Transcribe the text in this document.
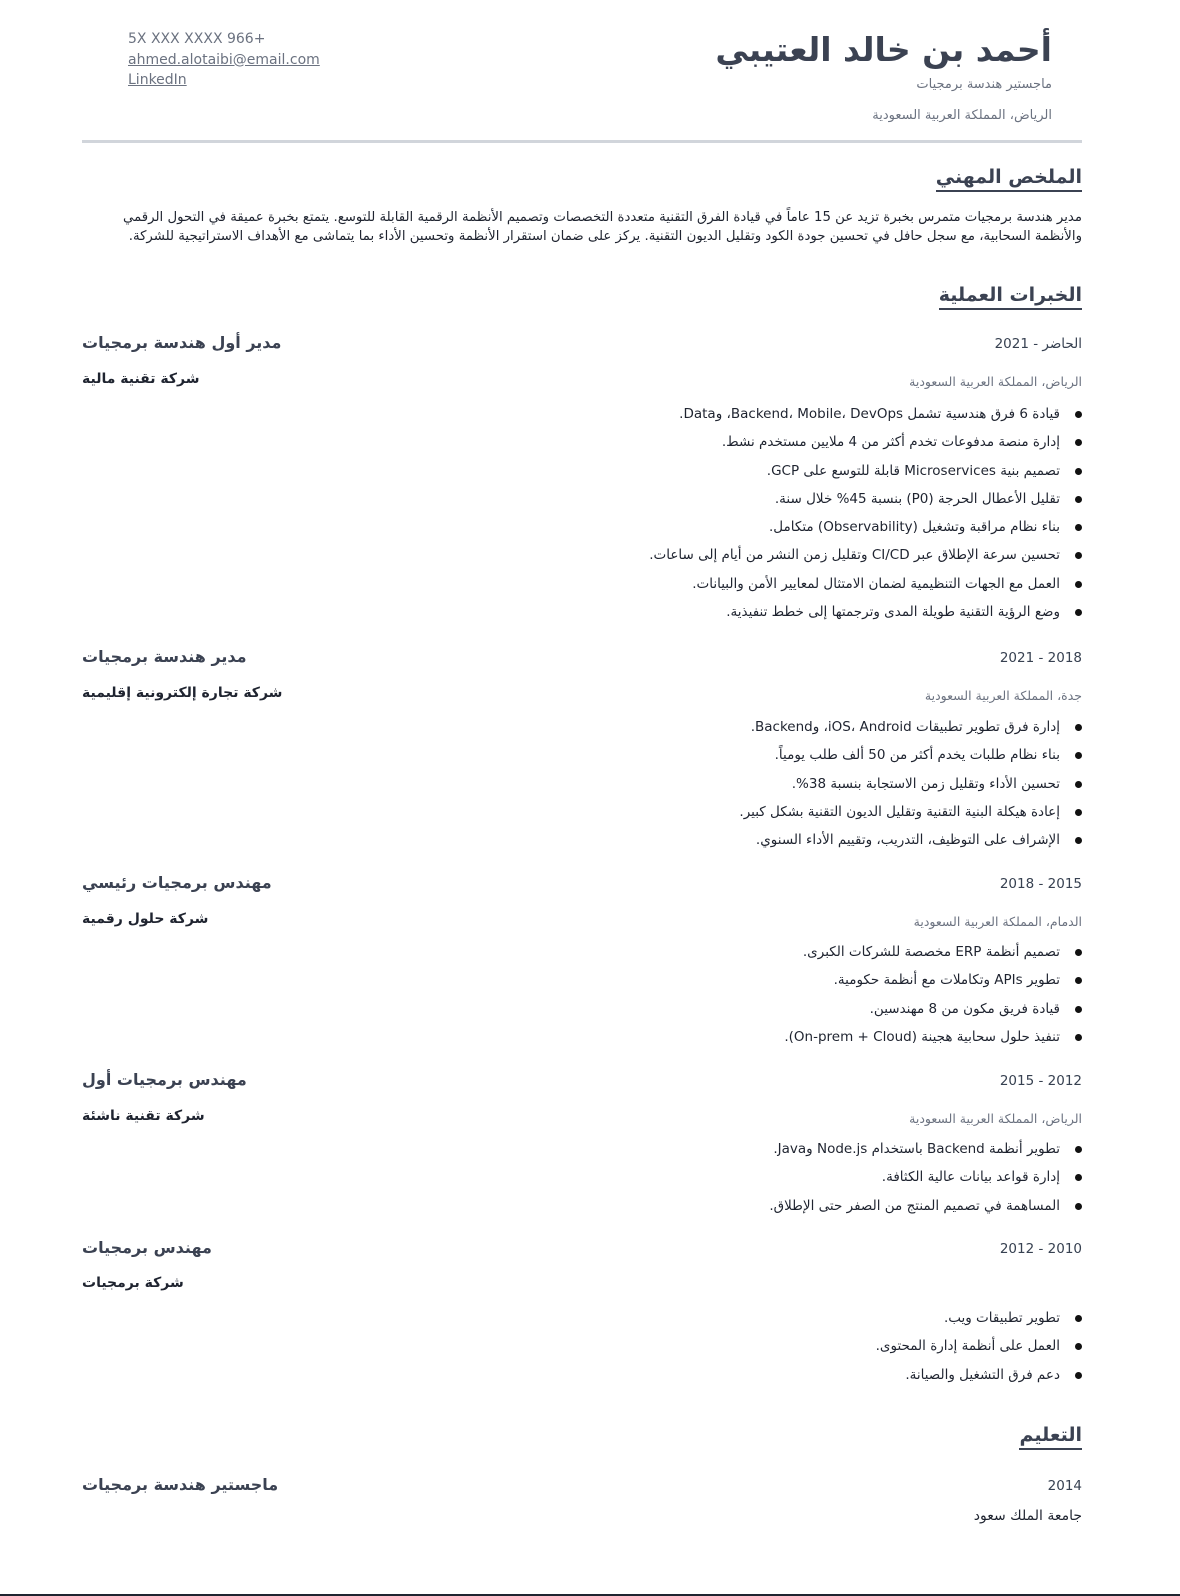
أحمد بن خالد العتيبي
ماجستير هندسة برمجيات
الرياض، المملكة العربية السعودية
5X XXX XXXX 966+
ahmed.alotaibi@email.com
LinkedIn
الملخص المهني
مدير هندسة برمجيات متمرس بخبرة تزيد عن 15 عاماً في قيادة الفرق التقنية متعددة التخصصات وتصميم الأنظمة الرقمية القابلة للتوسع. يتمتع بخبرة عميقة في التحول الرقمي والأنظمة السحابية، مع سجل حافل في تحسين جودة الكود وتقليل الديون التقنية. يركز على ضمان استقرار الأنظمة وتحسين الأداء بما يتماشى مع الأهداف الاستراتيجية للشركة.
الخبرات العملية
مدير أول هندسة برمجيات	2021 - الحاضر
شركة تقنية مالية	الرياض، المملكة العربية السعودية
قيادة 6 فرق هندسية تشمل Backend، Mobile، DevOps، وData.
إدارة منصة مدفوعات تخدم أكثر من 4 ملايين مستخدم نشط.
تصميم بنية Microservices قابلة للتوسع على GCP.
تقليل الأعطال الحرجة (P0) بنسبة 45% خلال سنة.
بناء نظام مراقبة وتشغيل (Observability) متكامل.
تحسين سرعة الإطلاق عبر CI/CD وتقليل زمن النشر من أيام إلى ساعات.
العمل مع الجهات التنظيمية لضمان الامتثال لمعايير الأمن والبيانات.
وضع الرؤية التقنية طويلة المدى وترجمتها إلى خطط تنفيذية.
مدير هندسة برمجيات	2021 - 2018
شركة تجارة إلكترونية إقليمية	جدة، المملكة العربية السعودية
إدارة فرق تطوير تطبيقات iOS، Android، وBackend.
بناء نظام طلبات يخدم أكثر من 50 ألف طلب يومياً.
تحسين الأداء وتقليل زمن الاستجابة بنسبة 38%.
إعادة هيكلة البنية التقنية وتقليل الديون التقنية بشكل كبير.
الإشراف على التوظيف، التدريب، وتقييم الأداء السنوي.
مهندس برمجيات رئيسي	2018 - 2015
شركة حلول رقمية	الدمام، المملكة العربية السعودية
تصميم أنظمة ERP مخصصة للشركات الكبرى.
تطوير APIs وتكاملات مع أنظمة حكومية.
قيادة فريق مكون من 8 مهندسين.
تنفيذ حلول سحابية هجينة (On-prem + Cloud).
مهندس برمجيات أول	2015 - 2012
شركة تقنية ناشئة	الرياض، المملكة العربية السعودية
تطوير أنظمة Backend باستخدام Node.js وJava.
إدارة قواعد بيانات عالية الكثافة.
المساهمة في تصميم المنتج من الصفر حتى الإطلاق.
مهندس برمجيات	2012 - 2010
شركة برمجيات
تطوير تطبيقات ويب.
العمل على أنظمة إدارة المحتوى.
دعم فرق التشغيل والصيانة.
التعليم
ماجستير هندسة برمجيات	2014
جامعة الملك سعود
